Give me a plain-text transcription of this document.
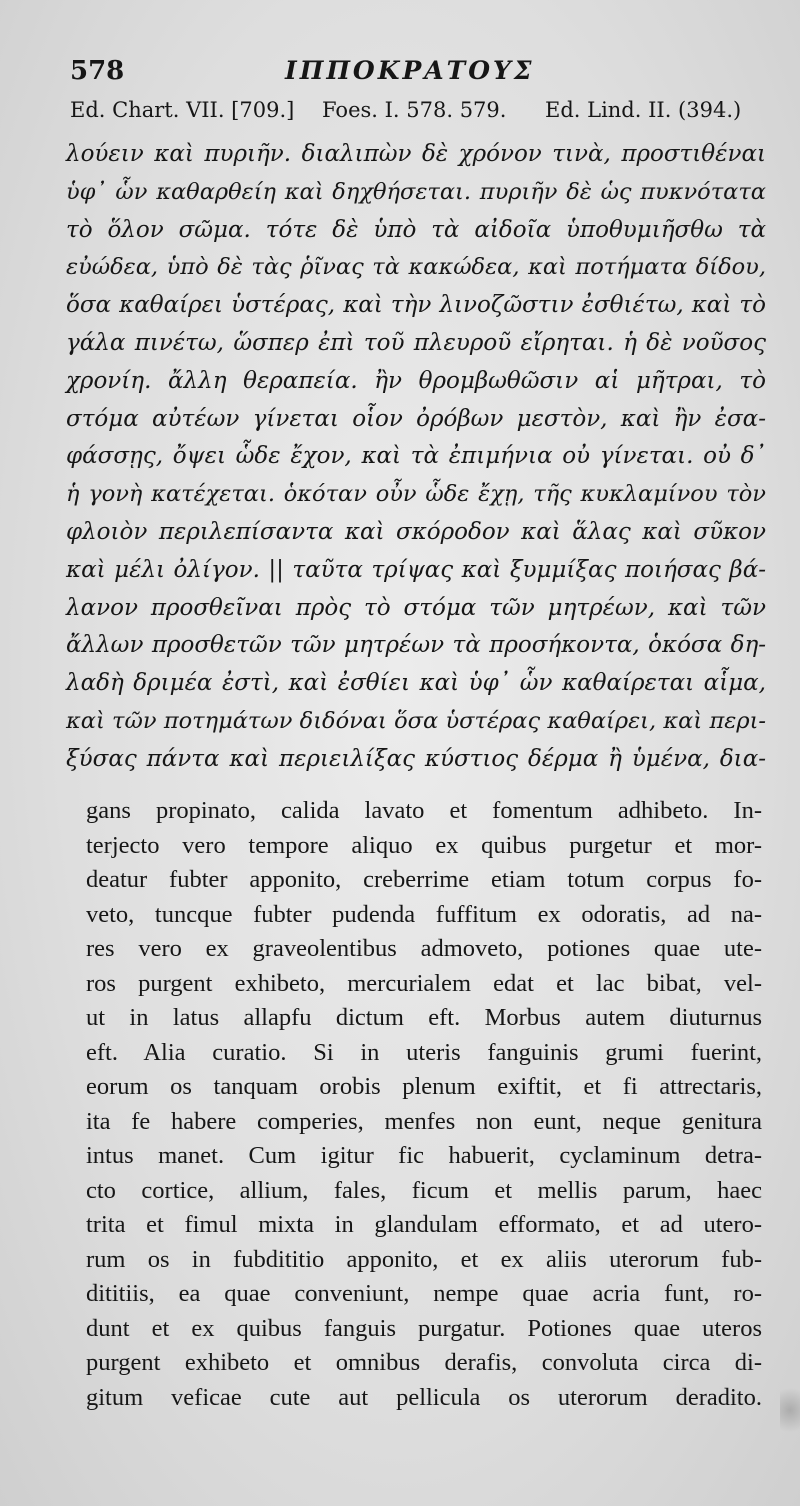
578	ΙΠΠΟΚΡΑΤΟΥΣ
Ed. Chart. VII. [709.] Foes. I. 578. 579. Ed. Lind. II. (394.)
λούειν καὶ πυριῆν. διαλιπὼν δὲ χρόνον τινὰ, προστιθέναι
ὑφ᾽ ὧν καθαρθείη καὶ δηχθήσεται. πυριῆν δὲ ὡς πυκνότατα
τὸ ὅλον σῶμα. τότε δὲ ὑπὸ τὰ αἰδοῖα ὑποθυμιῆσθω τὰ
εὐώδεα, ὑπὸ δὲ τὰς ῥῖνας τὰ κακώδεα, καὶ ποτήματα δίδου,
ὅσα καθαίρει ὑστέρας, καὶ τὴν λινοζῶστιν ἐσθιέτω, καὶ τὸ
γάλα πινέτω, ὥσπερ ἐπὶ τοῦ πλευροῦ εἴρηται. ἡ δὲ νοῦσος
χρονίη. ἄλλη θεραπεία. ἢν θρομβωθῶσιν αἱ μῆτραι, τὸ
στόμα αὐτέων γίνεται οἷον ὀρόβων μεστὸν, καὶ ἢν ἐσα-
φάσσῃς, ὄψει ὧδε ἔχον, καὶ τὰ ἐπιμήνια οὐ γίνεται. οὐ δ᾽
ἡ γονὴ κατέχεται. ὁκόταν οὖν ὧδε ἔχῃ, τῆς κυκλαμίνου τὸν
φλοιὸν περιλεπίσαντα καὶ σκόροδον καὶ ἅλας καὶ σῦκον
καὶ μέλι ὀλίγον. || ταῦτα τρίψας καὶ ξυμμίξας ποιήσας βά-
λανον προσθεῖναι πρὸς τὸ στόμα τῶν μητρέων, καὶ τῶν
ἄλλων προσθετῶν τῶν μητρέων τὰ προσήκοντα, ὁκόσα δη-
λαδὴ δριμέα ἐστὶ, καὶ ἐσθίει καὶ ὑφ᾽ ὧν καθαίρεται αἷμα,
καὶ τῶν ποτημάτων διδόναι ὅσα ὑστέρας καθαίρει, καὶ περι-
ξύσας πάντα καὶ περιειλίξας κύστιος δέρμα ἢ ὑμένα, δια-
gans propinato, calida lavato et fomentum adhibeto. In-
terjecto vero tempore aliquo ex quibus purgetur et mor-
deatur fubter apponito, creberrime etiam totum corpus fo-
veto, tuncque fubter pudenda fuffitum ex odoratis, ad na-
res vero ex graveolentibus admoveto, potiones quae ute-
ros purgent exhibeto, mercurialem edat et lac bibat, vel-
ut in latus allapfu dictum eft. Morbus autem diuturnus
eft. Alia curatio. Si in uteris fanguinis grumi fuerint,
eorum os tanquam orobis plenum exiftit, et fi attrectaris,
ita fe habere comperies, menfes non eunt, neque genitura
intus manet. Cum igitur fic habuerit, cyclaminum detra-
cto cortice, allium, fales, ficum et mellis parum, haec
trita et fimul mixta in glandulam efformato, et ad utero-
rum os in fubdititio apponito, et ex aliis uterorum fub-
dititiis, ea quae conveniunt, nempe quae acria funt, ro-
dunt et ex quibus fanguis purgatur. Potiones quae uteros
purgent exhibeto et omnibus derafis, convoluta circa di-
gitum veficae cute aut pellicula os uterorum deradito.
